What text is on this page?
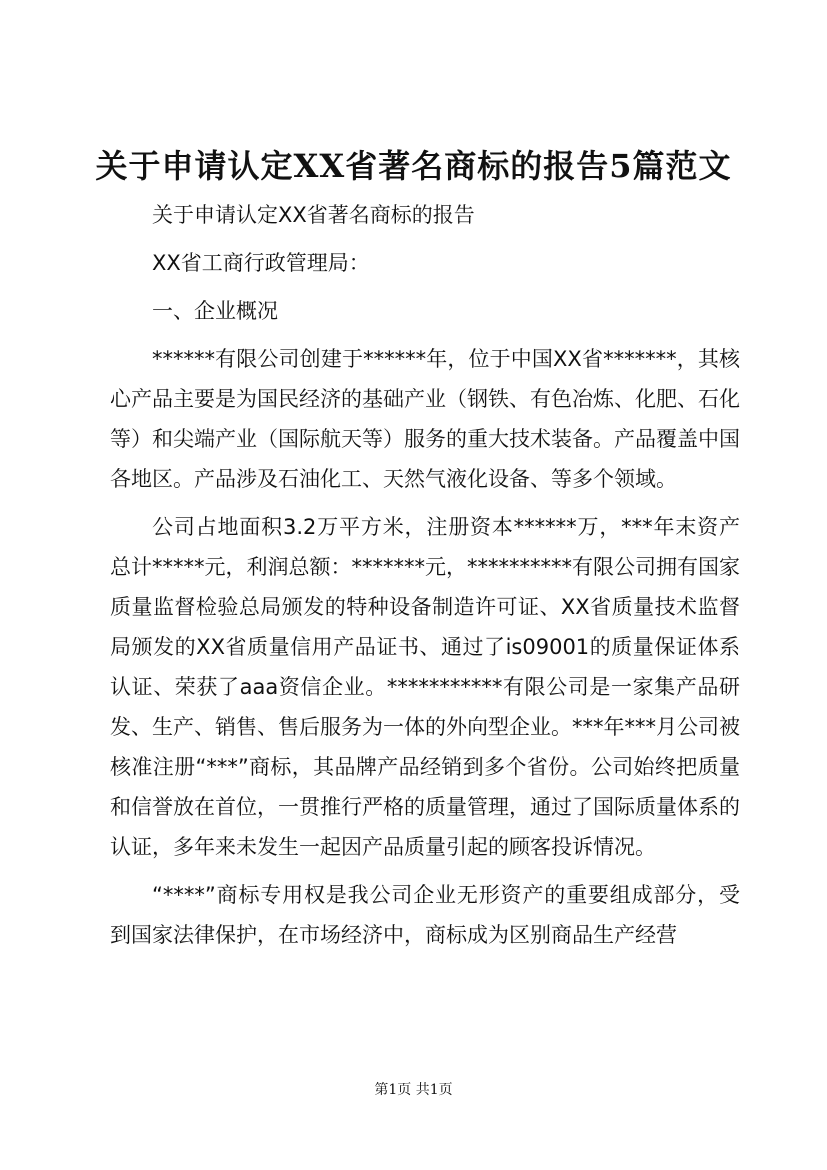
关于申请认定XX省著名商标的报告5篇范文

关于申请认定XX省著名商标的报告

XX省工商行政管理局：

一、企业概况

******有限公司创建于******年，位于中国XX省*******，其核心产品主要是为国民经济的基础产业（钢铁、有色冶炼、化肥、石化等）和尖端产业（国际航天等）服务的重大技术装备。产品覆盖中国各地区。产品涉及石油化工、天然气液化设备、等多个领域。

公司占地面积3.2万平方米，注册资本******万，***年末资产总计*****元，利润总额：*******元，**********有限公司拥有国家质量监督检验总局颁发的特种设备制造许可证、XX省质量技术监督局颁发的XX省质量信用产品证书、通过了is09001的质量保证体系认证、荣获了aaa资信企业。***********有限公司是一家集产品研发、生产、销售、售后服务为一体的外向型企业。***年***月公司被核准注册“***”商标，其品牌产品经销到多个省份。公司始终把质量和信誉放在首位，一贯推行严格的质量管理，通过了国际质量体系的认证，多年来未发生一起因产品质量引起的顾客投诉情况。

“****”商标专用权是我公司企业无形资产的重要组成部分，受到国家法律保护，在市场经济中，商标成为区别商品生产经营

第1页 共1页
